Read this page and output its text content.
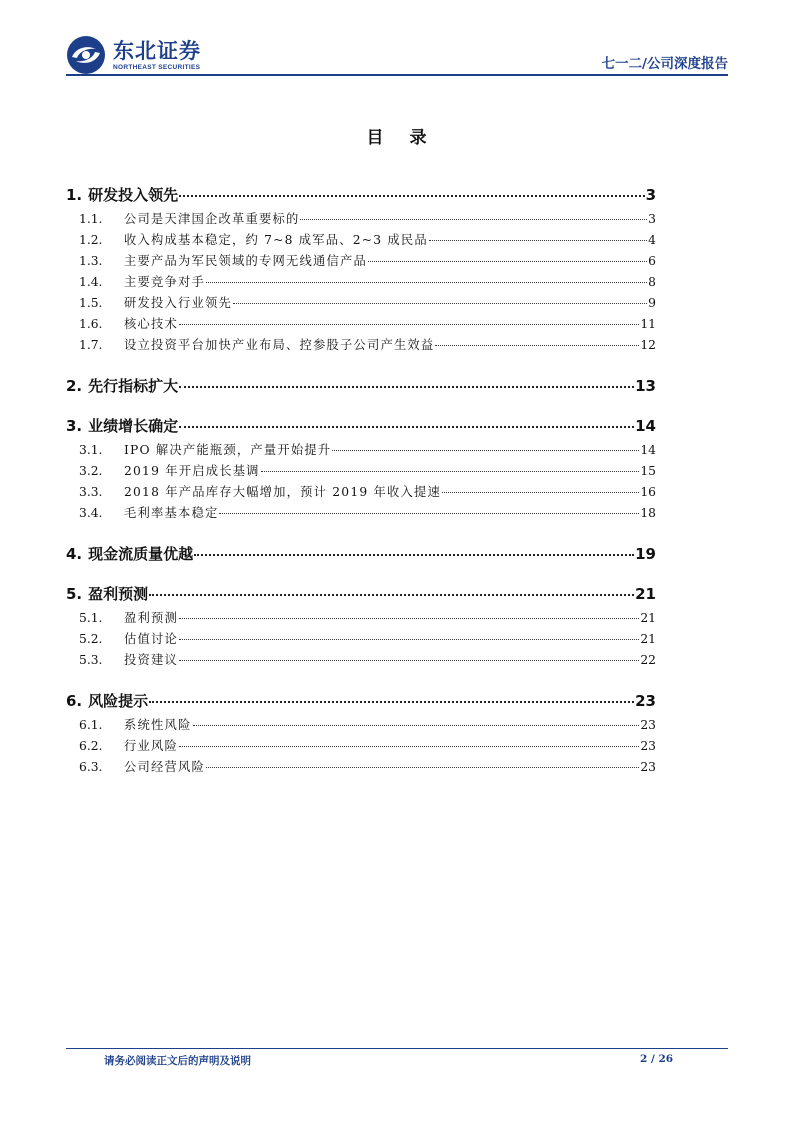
东北证券
NORTHEAST SECURITIES	七一二/公司深度报告
目 录
1. 研发投入领先	3
1.1.	公司是天津国企改革重要标的	3
1.2.	收入构成基本稳定，约 7~8 成军品、2~3 成民品	4
1.3.	主要产品为军民领域的专网无线通信产品	6
1.4.	主要竞争对手	8
1.5.	研发投入行业领先	9
1.6.	核心技术	11
1.7.	设立投资平台加快产业布局、控参股子公司产生效益	12
2. 先行指标扩大	13
3. 业绩增长确定	14
3.1.	IPO 解决产能瓶颈，产量开始提升	14
3.2.	2019 年开启成长基调	15
3.3.	2018 年产品库存大幅增加，预计 2019 年收入提速	16
3.4.	毛利率基本稳定	18
4. 现金流质量优越	19
5. 盈利预测	21
5.1.	盈利预测	21
5.2.	估值讨论	21
5.3.	投资建议	22
6. 风险提示	23
6.1.	系统性风险	23
6.2.	行业风险	23
6.3.	公司经营风险	23
请务必阅读正文后的声明及说明	2 / 26
